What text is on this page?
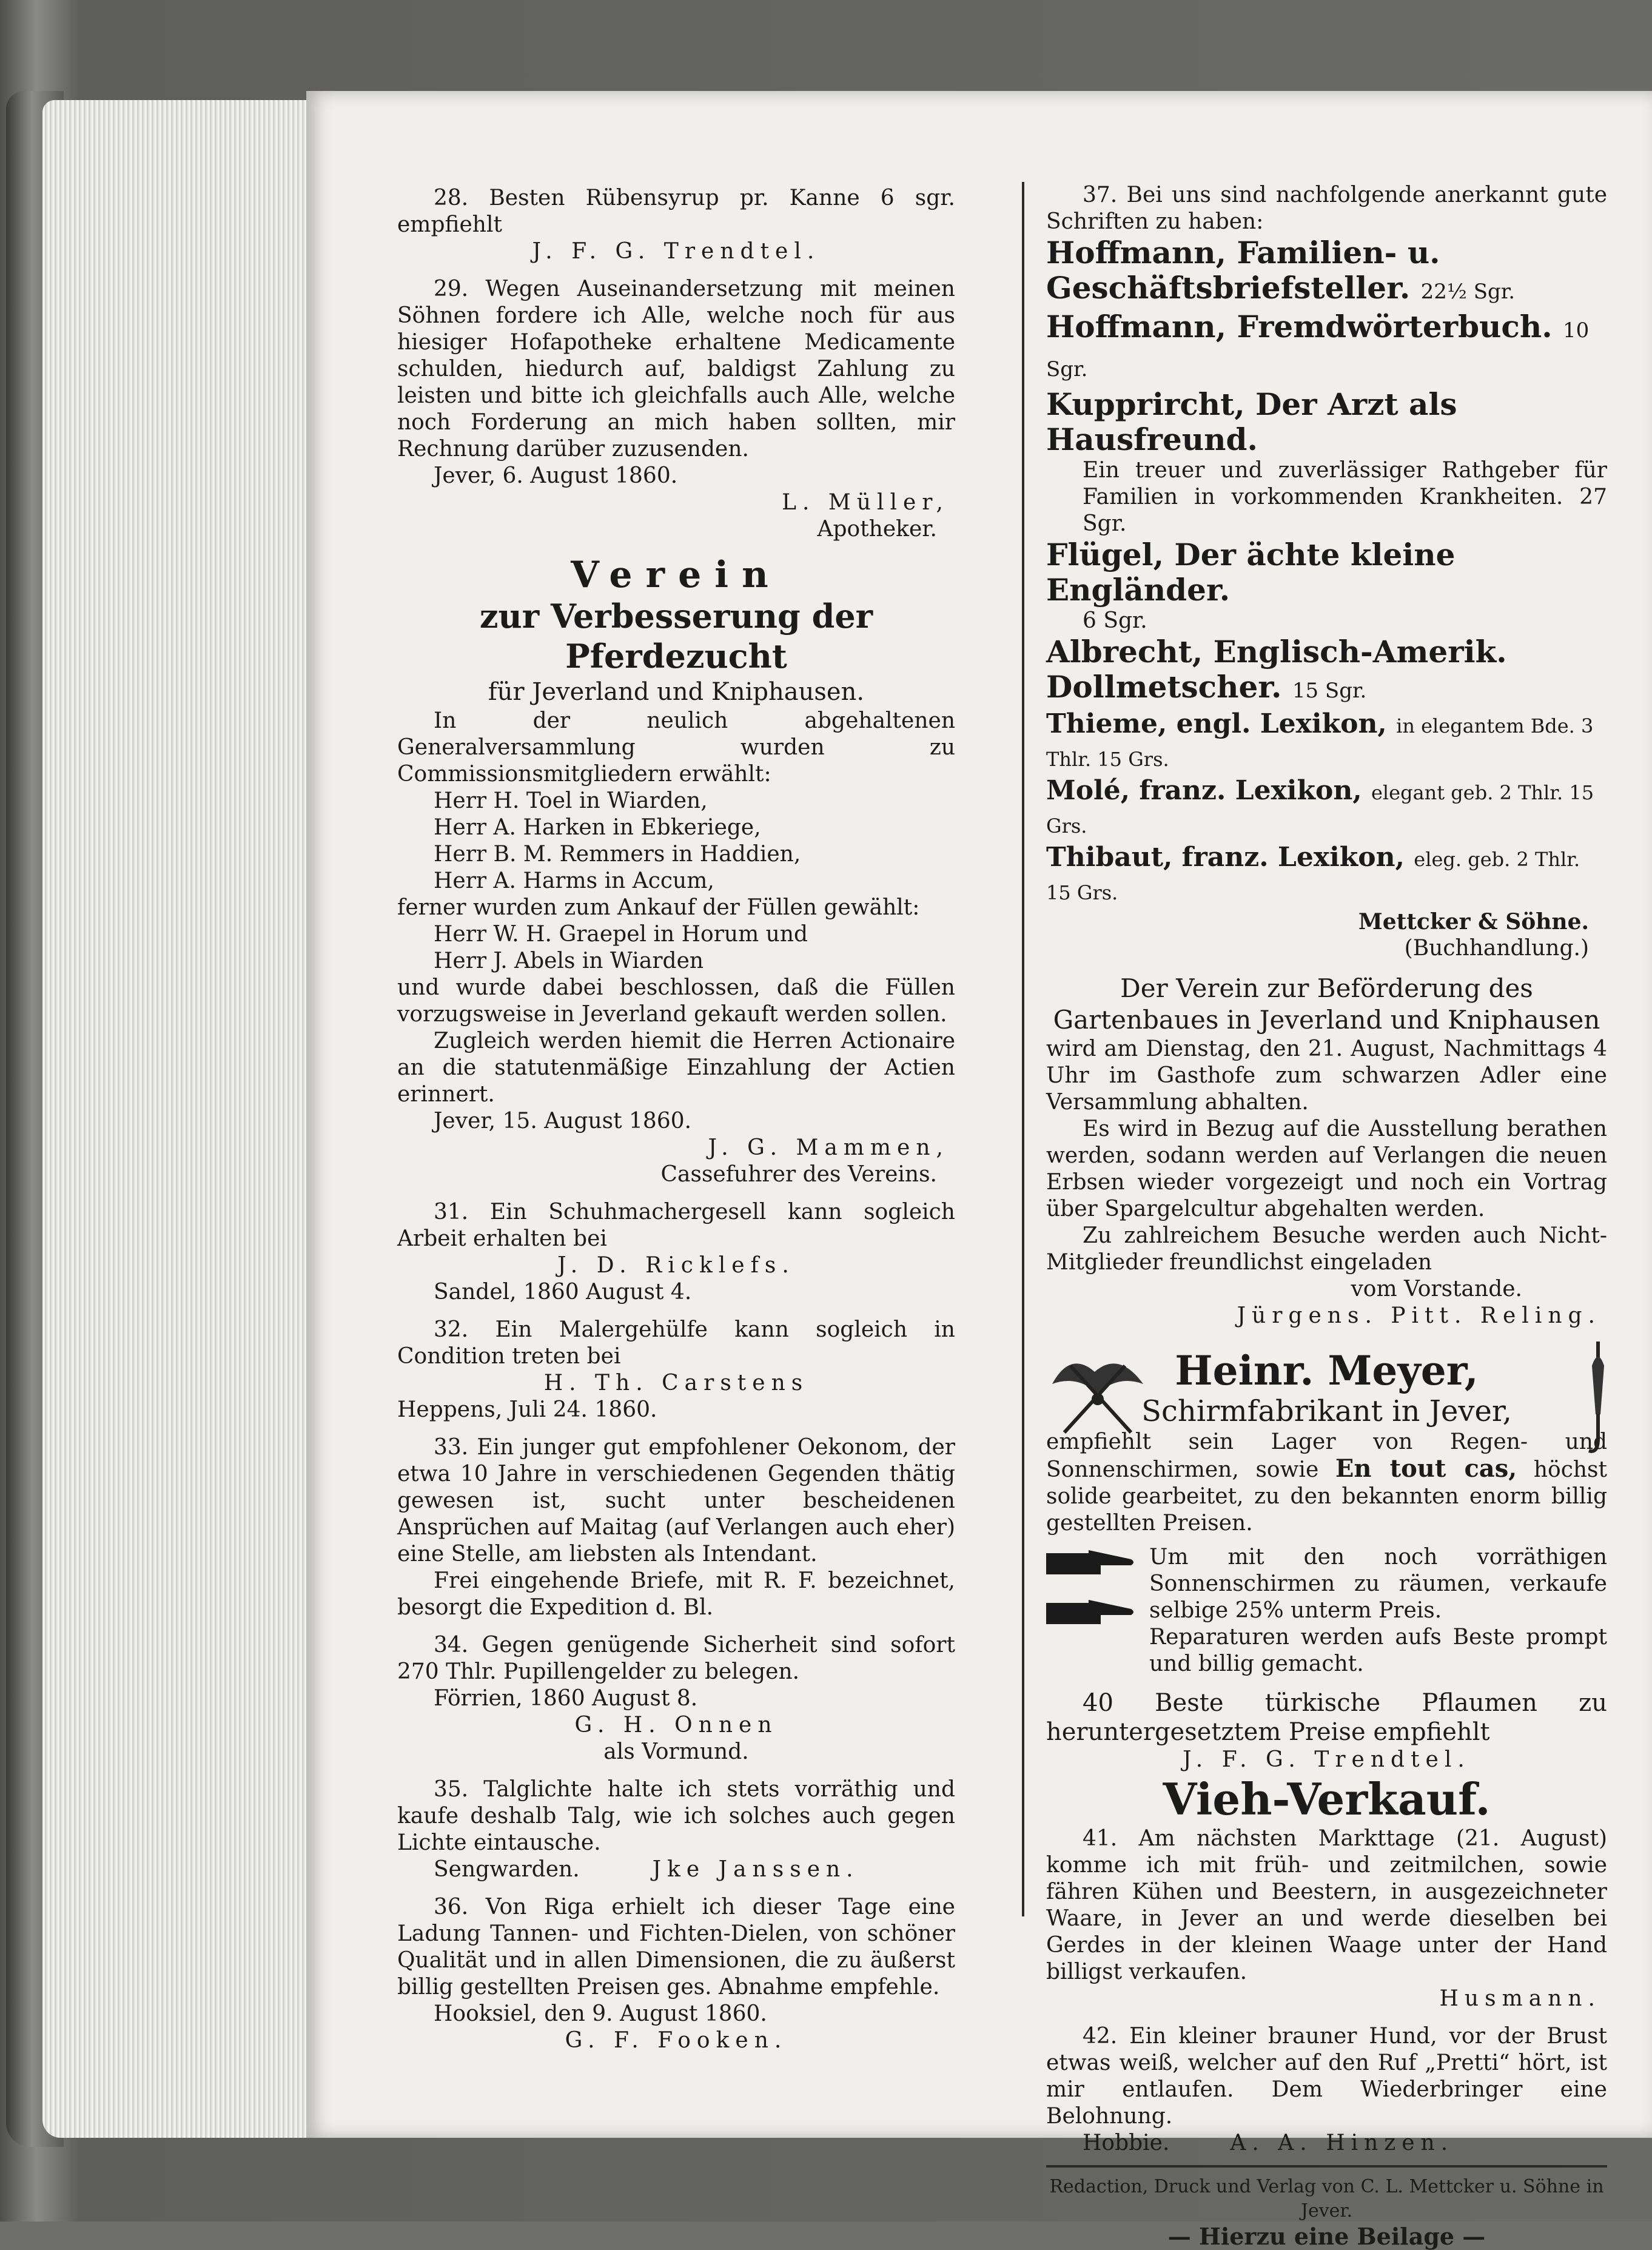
28. Besten Rübensyrup pr. Kanne 6 sgr. empfiehlt

J. F. G. Trendtel.

29. Wegen Auseinandersetzung mit meinen Söhnen fordere ich Alle, welche noch für aus hiesiger Hofapotheke erhaltene Medicamente schulden, hiedurch auf, baldigst Zahlung zu leisten und bitte ich gleichfalls auch Alle, welche noch Forderung an mich haben sollten, mir Rechnung darüber zuzusenden.

Jever, 6. August 1860.

L. Müller,

Apotheker.

Verein

zur Verbesserung der Pferdezucht

für Jeverland und Kniphausen.

In der neulich abgehaltenen Generalversammlung wurden zu Commissionsmitgliedern erwählt:

Herr H. Toel in Wiarden,

Herr A. Harken in Ebkeriege,

Herr B. M. Remmers in Haddien,

Herr A. Harms in Accum,

ferner wurden zum Ankauf der Füllen gewählt:

Herr W. H. Graepel in Horum und

Herr J. Abels in Wiarden

und wurde dabei beschlossen, daß die Füllen vorzugsweise in Jeverland gekauft werden sollen.

Zugleich werden hiemit die Herren Actionaire an die statutenmäßige Einzahlung der Actien erinnert.

Jever, 15. August 1860.

J. G. Mammen,

Cassefuhrer des Vereins.

31. Ein Schuhmachergesell kann sogleich Arbeit erhalten bei

J. D. Ricklefs.

Sandel, 1860 August 4.

32. Ein Malergehülfe kann sogleich in Condition treten bei

H. Th. Carstens

Heppens, Juli 24. 1860.

33. Ein junger gut empfohlener Oekonom, der etwa 10 Jahre in verschiedenen Gegenden thätig gewesen ist, sucht unter bescheidenen Ansprüchen auf Maitag (auf Verlangen auch eher) eine Stelle, am liebsten als Intendant.

Frei eingehende Briefe, mit R. F. bezeichnet, besorgt die Expedition d. Bl.

34. Gegen genügende Sicherheit sind sofort 270 Thlr. Pupillengelder zu belegen.

Förrien, 1860 August 8.

G. H. Onnen

als Vormund.

35. Talglichte halte ich stets vorräthig und kaufe deshalb Talg, wie ich solches auch gegen Lichte eintausche.

Sengwarden.	Jke Janssen.

36. Von Riga erhielt ich dieser Tage eine Ladung Tannen- und Fichten-Dielen, von schöner Qualität und in allen Dimensionen, die zu äußerst billig gestellten Preisen ges. Abnahme empfehle.

Hooksiel, den 9. August 1860.

G. F. Fooken.

37. Bei uns sind nachfolgende anerkannt gute Schriften zu haben:

Hoffmann, Familien- u. Geschäftsbriefsteller. 22½ Sgr.

Hoffmann, Fremdwörterbuch. 10 Sgr.

Kupprircht, Der Arzt als Hausfreund.

Ein treuer und zuverlässiger Rathgeber für Familien in vorkommenden Krankheiten. 27 Sgr.

Flügel, Der ächte kleine Engländer.

6 Sgr.

Albrecht, Englisch-Amerik. Dollmetscher. 15 Sgr.

Thieme, engl. Lexikon, in elegantem Bde. 3 Thlr. 15 Grs.

Molé, franz. Lexikon, elegant geb. 2 Thlr. 15 Grs.

Thibaut, franz. Lexikon, eleg. geb. 2 Thlr. 15 Grs.

Mettcker & Söhne.

(Buchhandlung.)

Der Verein zur Beförderung des Gartenbaues in Jeverland und Kniphausen

wird am Dienstag, den 21. August, Nachmittags 4 Uhr im Gasthofe zum schwarzen Adler eine Versammlung abhalten.

Es wird in Bezug auf die Ausstellung berathen werden, sodann werden auf Verlangen die neuen Erbsen wieder vorgezeigt und noch ein Vortrag über Spargelcultur abgehalten werden.

Zu zahlreichem Besuche werden auch Nicht-Mitglieder freundlichst eingeladen

vom Vorstande.

Jürgens. Pitt. Reling.

Heinr. Meyer,

Schirmfabrikant in Jever,

empfiehlt sein Lager von Regen- und Sonnenschirmen, sowie En tout cas, höchst solide gearbeitet, zu den bekannten enorm billig gestellten Preisen.

Um mit den noch vorräthigen Sonnenschirmen zu räumen, verkaufe selbige 25% unterm Preis.

Reparaturen werden aufs Beste prompt und billig gemacht.

40 Beste türkische Pflaumen zu heruntergesetztem Preise empfiehlt

J. F. G. Trendtel.

Vieh-Verkauf.

41. Am nächsten Markttage (21. August) komme ich mit früh- und zeitmilchen, sowie fähren Kühen und Beestern, in ausgezeichneter Waare, in Jever an und werde dieselben bei Gerdes in der kleinen Waage unter der Hand billigst verkaufen.

Husmann.

42. Ein kleiner brauner Hund, vor der Brust etwas weiß, welcher auf den Ruf „Pretti“ hört, ist mir entlaufen. Dem Wiederbringer eine Belohnung.

Hobbie.	A. A. Hinzen.

Redaction, Druck und Verlag von C. L. Mettcker u. Söhne in Jever.

— Hierzu eine Beilage —
